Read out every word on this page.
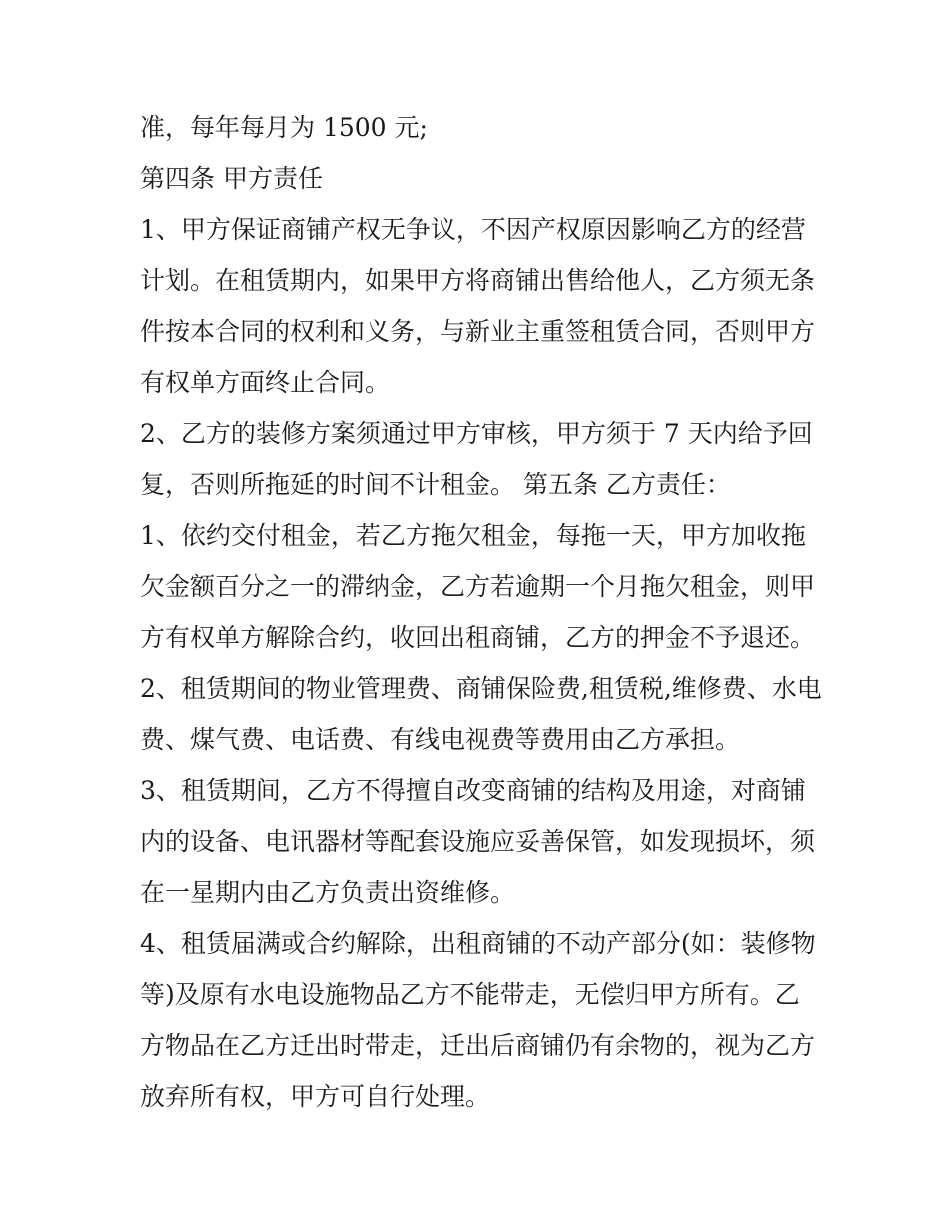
准，每年每月为 1500 元;
第四条 甲方责任
1、甲方保证商铺产权无争议，不因产权原因影响乙方的经营
计划。在租赁期内，如果甲方将商铺出售给他人，乙方须无条
件按本合同的权利和义务，与新业主重签租赁合同，否则甲方
有权单方面终止合同。
2、乙方的装修方案须通过甲方审核，甲方须于 7 天内给予回
复，否则所拖延的时间不计租金。 第五条 乙方责任：
1、依约交付租金，若乙方拖欠租金，每拖一天，甲方加收拖
欠金额百分之一的滞纳金，乙方若逾期一个月拖欠租金，则甲
方有权单方解除合约，收回出租商铺，乙方的押金不予退还。
2、租赁期间的物业管理费、商铺保险费,租赁税,维修费、水电
费、煤气费、电话费、有线电视费等费用由乙方承担。
3、租赁期间，乙方不得擅自改变商铺的结构及用途，对商铺
内的设备、电讯器材等配套设施应妥善保管，如发现损坏，须
在一星期内由乙方负责出资维修。
4、租赁届满或合约解除，出租商铺的不动产部分(如：装修物
等)及原有水电设施物品乙方不能带走，无偿归甲方所有。乙
方物品在乙方迁出时带走，迁出后商铺仍有余物的，视为乙方
放弃所有权，甲方可自行处理。
